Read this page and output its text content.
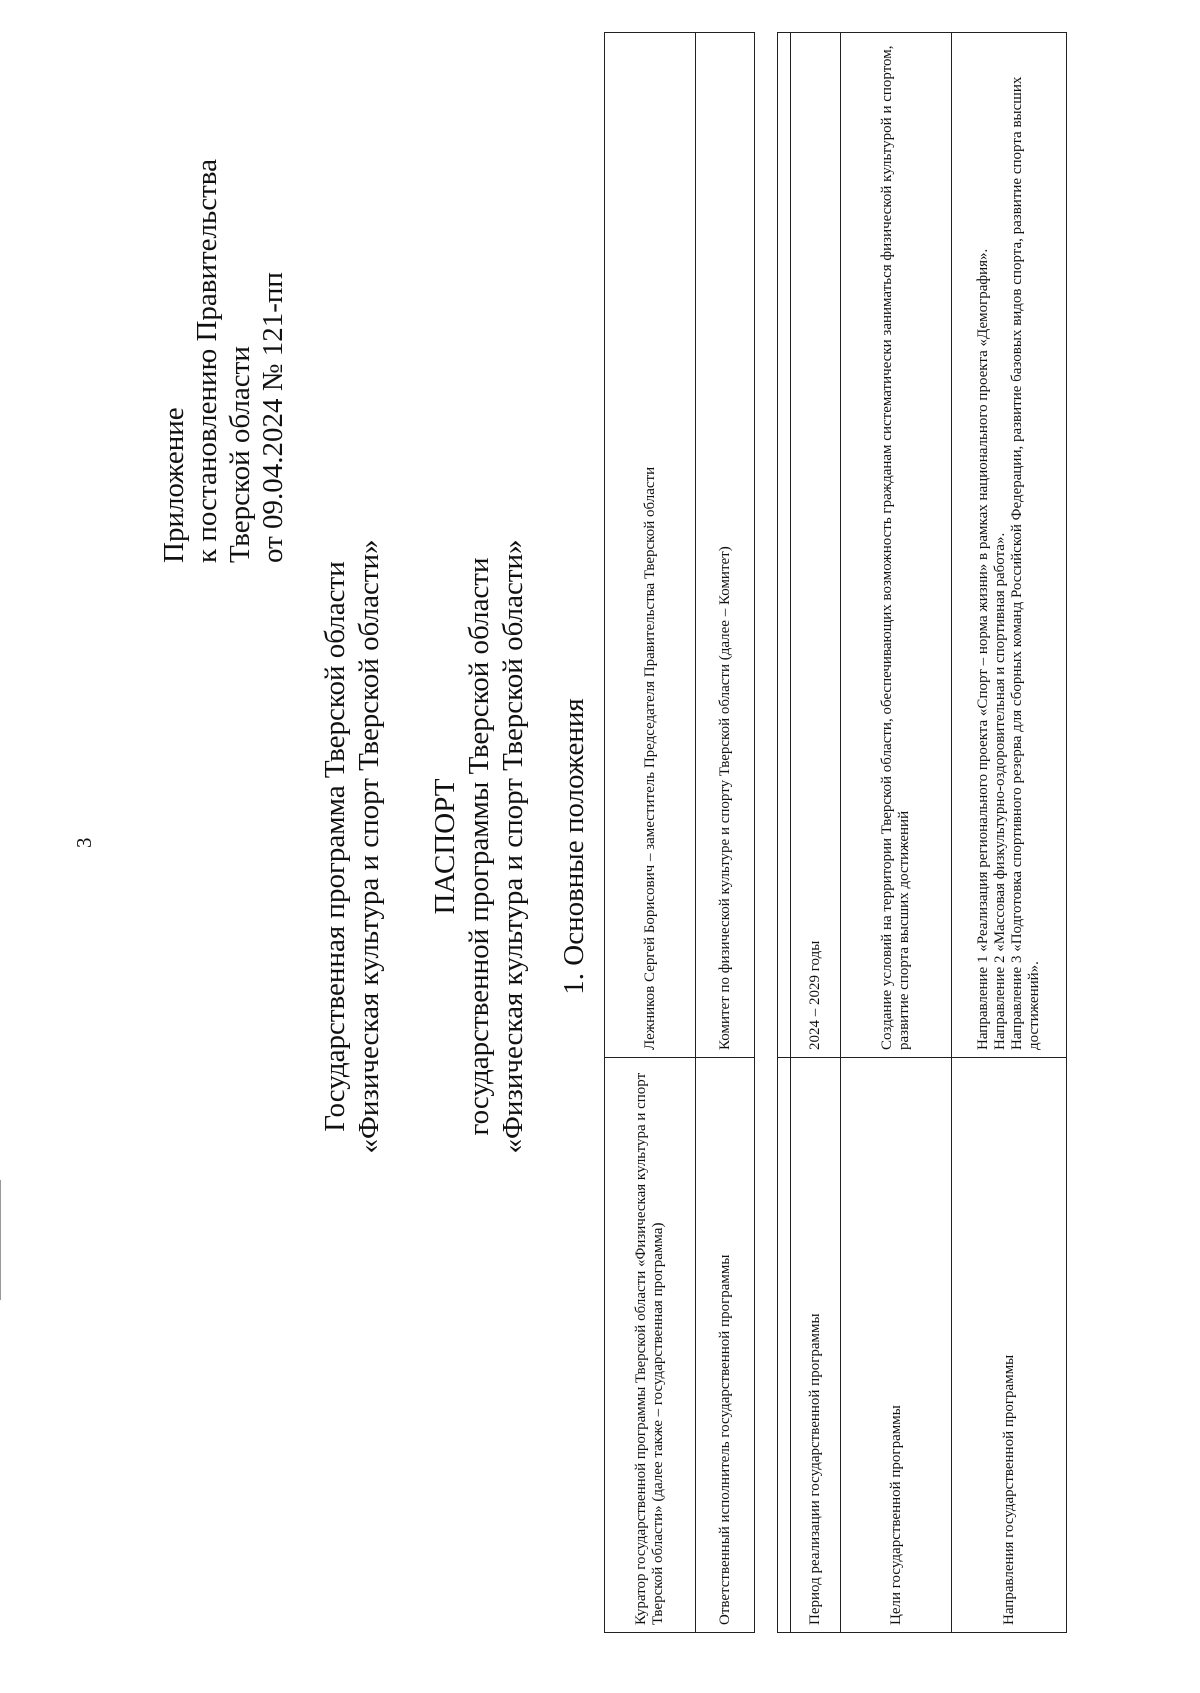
3
Приложение к постановлению Правительства Тверской области от 09.04.2024 № 121-пп
Государственная программа Тверской области «Физическая культура и спорт Тверской области» ПАСПОРТ государственной программы Тверской области «Физическая культура и спорт Тверской области» 1. Основные положения
Куратор государственной программы Тверской области «Физическая культура и спорт Тверской области» (далее также – государственная программа)	Лежников Сергей Борисович – заместитель Председателя Правительства Тверской области
Ответственный исполнитель государственной программы	Комитет по физической культуре и спорту Тверской области (далее – Комитет)

Период реализации государственной программы	2024 – 2029 годы
Цели государственной программы	Создание условий на территории Тверской области, обеспечивающих возможность гражданам систематически заниматься физической культурой и спортом, развитие спорта высших достижений
Направления государственной программы	Направление 1 «Реализация регионального проекта «Спорт – норма жизни» в рамках национального проекта «Демография». Направление 2 «Массовая физкультурно-оздоровительная и спортивная работа». Направление 3 «Подготовка спортивного резерва для сборных команд Российской Федерации, развитие базовых видов спорта, развитие спорта высших достижений».
